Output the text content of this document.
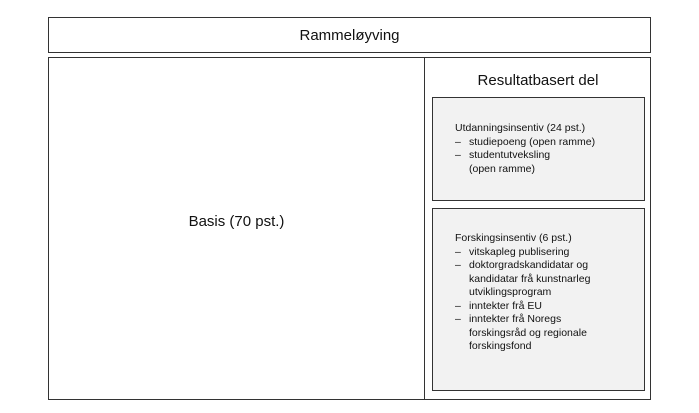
Rammeløyving
Basis (70 pst.)
Resultatbasert del

Utdanningsinsentiv (24 pst.)

– studiepoeng (open ramme)
– studentutveksling (open ramme)

Forskingsinsentiv (6 pst.)

– vitskapleg publisering
– doktorgradskandidatar og kandidatar frå kunstnarleg utviklingsprogram
– inntekter frå EU
– inntekter frå Noregs forskingsråd og regionale forskingsfond
